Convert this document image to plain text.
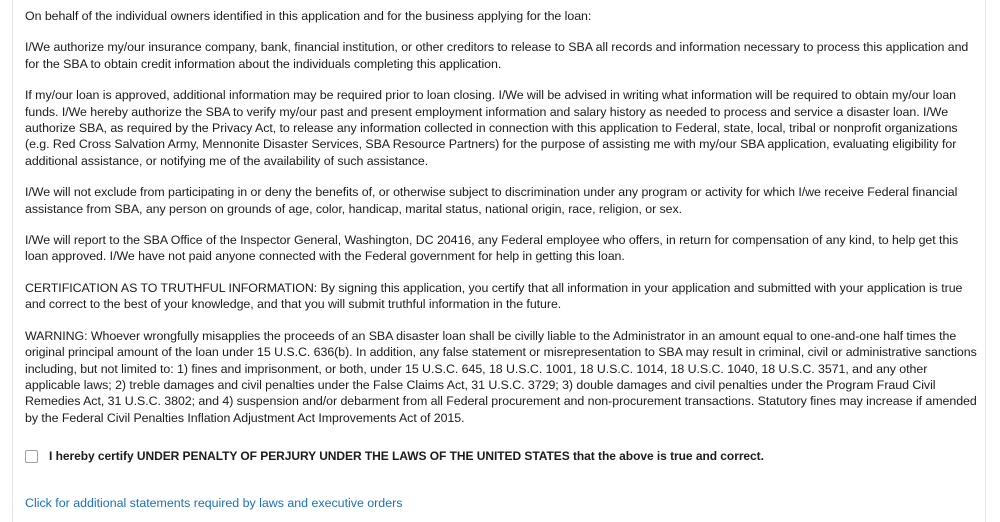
On behalf of the individual owners identified in this application and for the business applying for the loan:

I/We authorize my/our insurance company, bank, financial institution, or other creditors to release to SBA all records and information necessary to process this application and for the SBA to obtain credit information about the individuals completing this application.

If my/our loan is approved, additional information may be required prior to loan closing. I/We will be advised in writing what information will be required to obtain my/our loan funds. I/We hereby authorize the SBA to verify my/our past and present employment information and salary history as needed to process and service a disaster loan. I/We authorize SBA, as required by the Privacy Act, to release any information collected in connection with this application to Federal, state, local, tribal or nonprofit organizations (e.g. Red Cross Salvation Army, Mennonite Disaster Services, SBA Resource Partners) for the purpose of assisting me with my/our SBA application, evaluating eligibility for additional assistance, or notifying me of the availability of such assistance.

I/We will not exclude from participating in or deny the benefits of, or otherwise subject to discrimination under any program or activity for which I/we receive Federal financial assistance from SBA, any person on grounds of age, color, handicap, marital status, national origin, race, religion, or sex.

I/We will report to the SBA Office of the Inspector General, Washington, DC 20416, any Federal employee who offers, in return for compensation of any kind, to help get this loan approved. I/We have not paid anyone connected with the Federal government for help in getting this loan.

CERTIFICATION AS TO TRUTHFUL INFORMATION: By signing this application, you certify that all information in your application and submitted with your application is true and correct to the best of your knowledge, and that you will submit truthful information in the future.

WARNING: Whoever wrongfully misapplies the proceeds of an SBA disaster loan shall be civilly liable to the Administrator in an amount equal to one-and-one half times the original principal amount of the loan under 15 U.S.C. 636(b). In addition, any false statement or misrepresentation to SBA may result in criminal, civil or administrative sanctions including, but not limited to: 1) fines and imprisonment, or both, under 15 U.S.C. 645, 18 U.S.C. 1001, 18 U.S.C. 1014, 18 U.S.C. 1040, 18 U.S.C. 3571, and any other applicable laws; 2) treble damages and civil penalties under the False Claims Act, 31 U.S.C. 3729; 3) double damages and civil penalties under the Program Fraud Civil Remedies Act, 31 U.S.C. 3802; and 4) suspension and/or debarment from all Federal procurement and non-procurement transactions. Statutory fines may increase if amended by the Federal Civil Penalties Inflation Adjustment Act Improvements Act of 2015.

I hereby certify UNDER PENALTY OF PERJURY UNDER THE LAWS OF THE UNITED STATES that the above is true and correct.
Click for additional statements required by laws and executive orders
